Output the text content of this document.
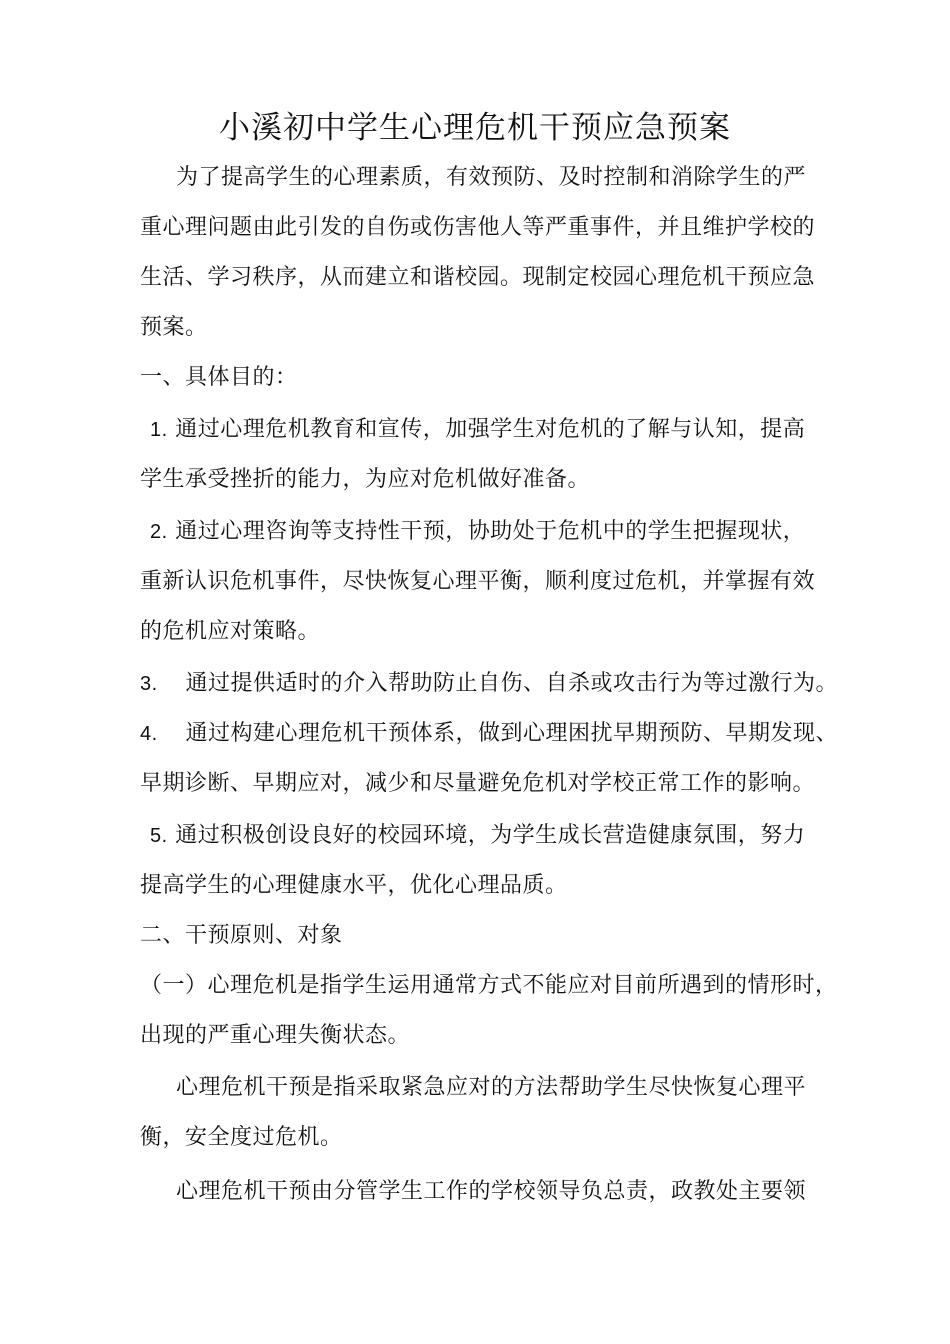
小溪初中学生心理危机干预应急预案
为了提高学生的心理素质，有效预防、及时控制和消除学生的严
重心理问题由此引发的自伤或伤害他人等严重事件，并且维护学校的
生活、学习秩序，从而建立和谐校园。现制定校园心理危机干预应急
预案。
一、具体目的：
1. 通过心理危机教育和宣传，加强学生对危机的了解与认知，提高
学生承受挫折的能力，为应对危机做好准备。
2. 通过心理咨询等支持性干预，协助处于危机中的学生把握现状，
重新认识危机事件，尽快恢复心理平衡，顺利度过危机，并掌握有效
的危机应对策略。
3. 通过提供适时的介入帮助防止自伤、自杀或攻击行为等过激行为。
4. 通过构建心理危机干预体系，做到心理困扰早期预防、早期发现、
早期诊断、早期应对，减少和尽量避免危机对学校正常工作的影响。
5. 通过积极创设良好的校园环境，为学生成长营造健康氛围，努力
提高学生的心理健康水平，优化心理品质。
二、干预原则、对象
（一）心理危机是指学生运用通常方式不能应对目前所遇到的情形时，
出现的严重心理失衡状态。
心理危机干预是指采取紧急应对的方法帮助学生尽快恢复心理平
衡，安全度过危机。
心理危机干预由分管学生工作的学校领导负总责，政教处主要领
